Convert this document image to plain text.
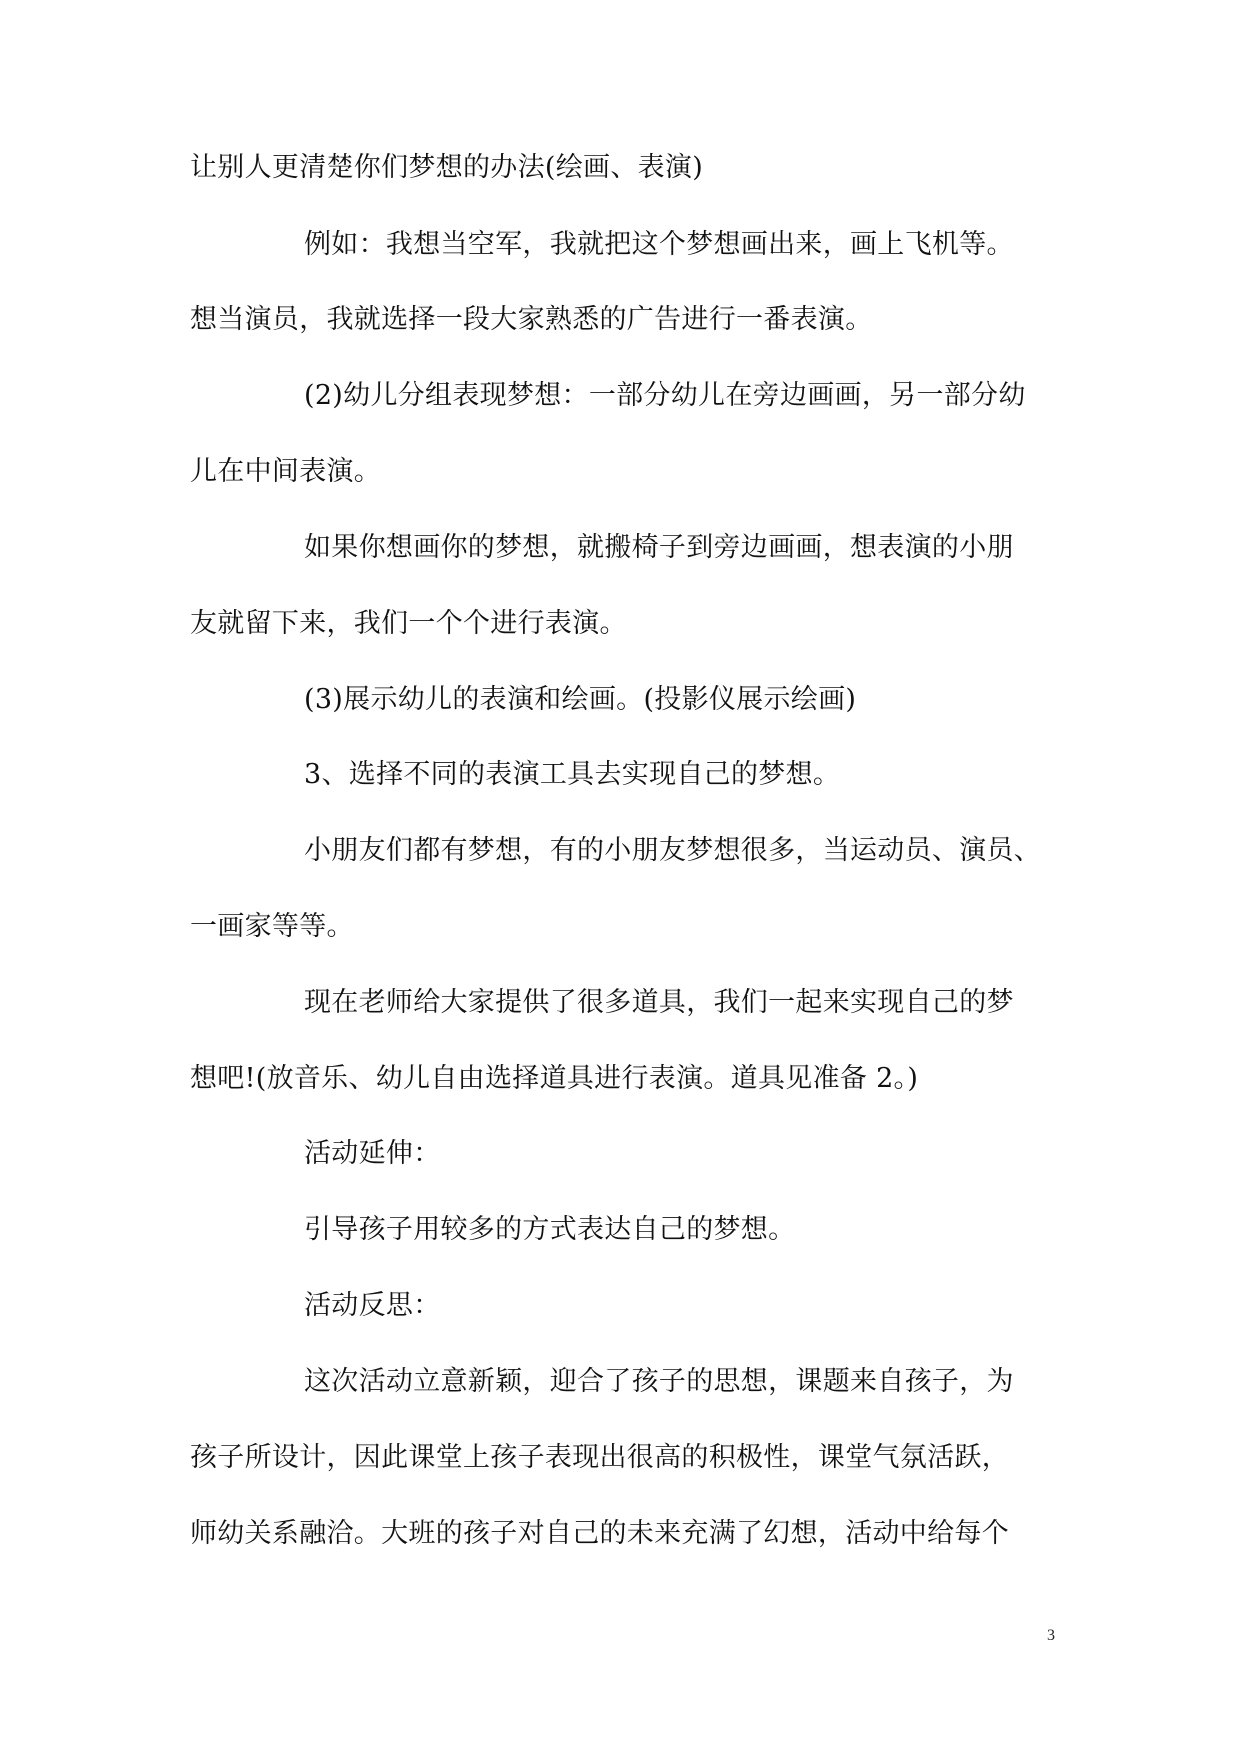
让别人更清楚你们梦想的办法(绘画、表演)
例如：我想当空军，我就把这个梦想画出来，画上飞机等。
想当演员，我就选择一段大家熟悉的广告进行一番表演。
(2)幼儿分组表现梦想：一部分幼儿在旁边画画，另一部分幼
儿在中间表演。
如果你想画你的梦想，就搬椅子到旁边画画，想表演的小朋
友就留下来，我们一个个进行表演。
(3)展示幼儿的表演和绘画。(投影仪展示绘画)
3、选择不同的表演工具去实现自己的梦想。
小朋友们都有梦想，有的小朋友梦想很多，当运动员、演员、
一画家等等。
现在老师给大家提供了很多道具，我们一起来实现自己的梦
想吧!(放音乐、幼儿自由选择道具进行表演。道具见准备 2。)
活动延伸：
引导孩子用较多的方式表达自己的梦想。
活动反思：
这次活动立意新颖，迎合了孩子的思想，课题来自孩子，为
孩子所设计，因此课堂上孩子表现出很高的积极性，课堂气氛活跃，
师幼关系融洽。大班的孩子对自己的未来充满了幻想，活动中给每个
3
